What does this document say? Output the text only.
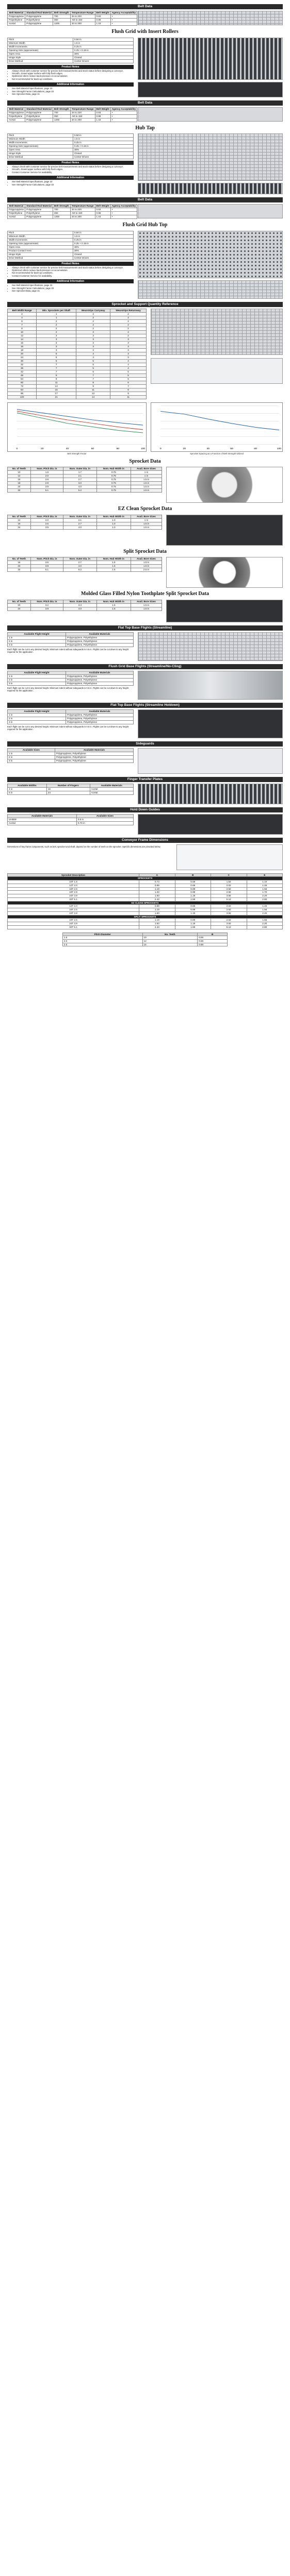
Belt Data
Belt Material	Standard Rod Material	Belt Strength	Temperature Range	Belt Weight	Agency Acceptability
Polypropylene	Polypropylene	700	34 to 220	0.83	•
Polyethylene	Polyethylene	350	-50 to 150	0.88	•
Acetal	Polypropylene	1200	34 to 200	1.15	•
Flush Grid with Insert Rollers
Pitch	0.50 in
Minimum Width	1.5 in
Width Increments	0.25 in
Opening Size (approximate)	0.25 × 0.19 in
Open Area	38%
Hinge Style	Closed
Drive Method	Center Driven
Product Notes
• Always check with customer service for precise belt measurements and stock status before designing a conveyor.
• Smooth, closed upper surface with fully flush edges.
• Optimized rollers reduce back-pressure on accumulation.
• Not recommended for back-up conditions.
Additional Information
• See Belt Material Specifications, page 23
• See Strength Factor Calculations, page 33
• See Sprocket Data, page 41
Belt Data
Belt Material	Standard Rod Material	Belt Strength	Temperature Range	Belt Weight	Agency Acceptability
Polypropylene	Polypropylene	700	34 to 220	0.83	•
Polyethylene	Polyethylene	350	-50 to 150	0.88	•
Acetal	Polypropylene	1200	34 to 200	1.15	•
Hub Tap
Pitch	0.50 in
Minimum Width	1.5 in
Width Increments	0.25 in
Opening Size (approximate)	0.25 × 0.19 in
Open Area	38%
Hinge Style	Closed
Drive Method	Center Driven
Product Notes
• Always check with customer service for precise belt measurements and stock status before designing a conveyor.
• Smooth, closed upper surface with fully flush edges.
• Contact Customer Service for availability.
Additional Information
• See Belt Material Specifications, page 23
• See Strength Factor Calculations, page 33
Belt Data
Belt Material	Standard Rod Material	Belt Strength	Temperature Range	Belt Weight	Agency Acceptability
Polypropylene	Polypropylene	700	34 to 220	0.83	•
Polyethylene	Polyethylene	350	-50 to 150	0.88	•
Acetal	Polypropylene	1200	34 to 200	1.15	•
Flush Grid Hub Top
Pitch	0.50 in
Minimum Width	1.5 in
Width Increments	0.25 in
Opening Size (approximate)	0.25 × 0.19 in
Open Area	38%
Product Contact Area	38%
Hinge Style	Closed
Drive Method	Center Driven
Product Notes
• Always check with customer service for precise belt measurements and stock status before designing a conveyor.
• Optimized rollers reduce back-pressure on accumulation.
• Not recommended for back-up conditions.
• Contact Customer Service for availability.
Additional Information
• See Belt Material Specifications, page 23
• See Strength Factor Calculations, page 33
• See Sprocket Data, page 41
Sprocket and Support Quantity Reference
Belt Width Range	Min. Sprockets per Shaft	Wearstrips Carryway	Wearstrips Returnway
2	1	2	2
4	1	2	2
6	2	2	2
7	2	2	2
8	2	2	2
10	2	3	2
12	3	3	2
14	3	3	3
15	3	3	3
16	3	3	3
18	3	3	3
20	5	4	3
24	5	4	3
30	5	5	4
32	7	5	4
36	7	5	4
42	7	6	5
48	9	7	5
54	9	7	6
60	11	8	6
72	13	9	7
84	15	11	8
96	17	12	9
120	21	14	11
0	20	40	60	80	100
Belt Strength Factor
0	20	40	60	80	100
Sprocket Spacing as a Function of Belt Strength Utilized
Sprocket Data
No. of Teeth	Nom. Pitch Dia. in	Nom. Outer Dia. in	Nom. Hub Width in	Avail. Bore Sizes
10	1.6	1.7	0.75	1 in
12	2.0	2.1	0.75	1 in
16	2.6	2.7	0.75	1.5 in
18	2.9	3.0	0.75	1.5 in
24	3.9	4.0	0.75	1.5 in
32	5.1	5.2	0.75	1.5 in
EZ Clean Sprocket Data
No. of Teeth	Nom. Pitch Dia. in	Nom. Outer Dia. in	Nom. Hub Width in	Avail. Bore Sizes
12	2.0	2.1	1.0	1 in
16	2.6	2.7	1.0	1.5 in
24	3.9	4.0	1.0	1.5 in
Split Sprocket Data
No. of Teeth	Nom. Pitch Dia. in	Nom. Outer Dia. in	Nom. Hub Width in	Avail. Bore Sizes
16	2.6	2.7	1.5	1.5 in
24	3.9	4.0	1.5	1.5 in
32	5.1	5.2	1.5	2.5 in
Molded Glass Filled Nylon Toothplate Split Sprocket Data
No. of Teeth	Nom. Pitch Dia. in	Nom. Outer Dia. in	Nom. Hub Width in	Avail. Bore Sizes
20	3.2	3.3	1.5	1.5 in
24	3.9	4.0	1.5	1.5 in
Flat Top Base Flights (Streamline)
Available Flight Height	Available Materials
1 in	Polypropylene, Polyethylene
2 in	Polypropylene, Polyethylene
3 in	Polypropylene, Polyethylene
Each flight can be cut to any desired height. Minimum indent without sideguards is 0.5 in. Flights can be cut down to any height required for the application.
Flush Grid Base Flights (Streamline/No-Cling)
Available Flight Height	Available Materials
1 in	Polypropylene, Polyethylene
2 in	Polypropylene, Polyethylene
3 in	Polypropylene, Polyethylene
Each flight can be cut to any desired height. Minimum indent without sideguards is 0.5 in. Flights can be cut down to any height required for the application.
Flat Top Base Flights (Streamline Holdown)
Available Flight Height	Available Materials
1 in	Polypropylene, Polyethylene
2 in	Polypropylene, Polyethylene
3 in	Polypropylene, Polyethylene
Each flight can be cut to any desired height. Minimum indent without sideguards is 0.5 in. Flights can be cut down to any height required for the application.
Sideguards
Available Sizes	Available Materials
1 in	Polypropylene, Polyethylene
2 in	Polypropylene, Polyethylene
3 in	Polypropylene, Polyethylene
Finger Transfer Plates
Available Widths	Number of Fingers	Available Materials
4 in	16	Acetal
6 in	24	Acetal
Hold Down Guides
Available Materials	Available Sizes
UHMW	0.5 in
Acetal	0.75 in
Conveyor Frame Dimensions
Dimensions of key frame components, such as belt, sprocket and shaft, depend on the number of teeth on the sprocket. Specific dimensions are provided below.
Sprocket Description	A	B	C	E
SPROCKETS				
10T 1.6	0.73	0.59	1.64	1.10
12T 2.0	0.89	0.69	2.02	1.26
16T 2.6	1.19	0.89	2.62	1.56
18T 2.9	1.33	0.99	2.92	1.70
24T 3.9	1.83	1.19	3.92	2.20
32T 5.1	2.43	1.59	5.12	2.80
EZ CLEAN SPROCKETS				
12T 2.0	0.89	0.69	2.02	1.26
16T 2.6	1.19	0.89	2.62	1.56
24T 3.9	1.83	1.19	3.92	2.20
SPLIT SPROCKETS				
16T 2.6	1.19	0.89	2.62	1.56
24T 3.9	1.83	1.19	3.92	2.20
32T 5.1	2.43	1.59	5.12	2.80
Pitch Diameter	No. Teeth	B
1.6	10	0.59
2.0	12	0.69
2.6	16	0.89
